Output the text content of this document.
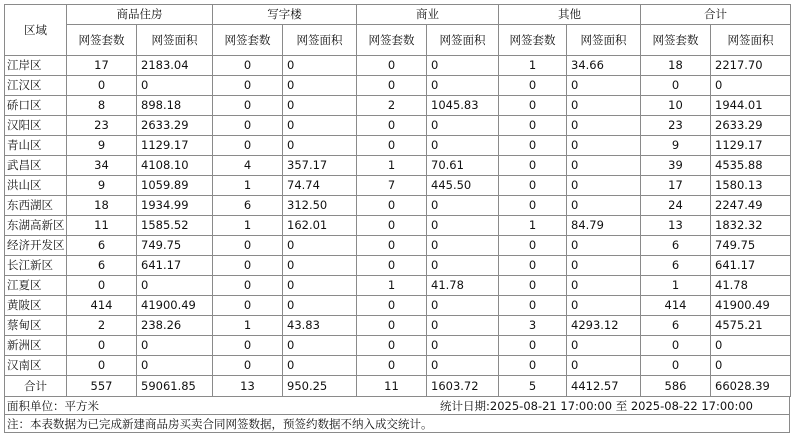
区域	商品住房		写字楼		商业		其他		合计	
	网签套数	网签面积	网签套数	网签面积	网签套数	网签面积	网签套数	网签面积	网签套数	网签面积
江岸区	17	2183.04	0	0	0	0	1	34.66	18	2217.70
江汉区	0	0	0	0	0	0	0	0	0	0
硚口区	8	898.18	0	0	2	1045.83	0	0	10	1944.01
汉阳区	23	2633.29	0	0	0	0	0	0	23	2633.29
青山区	9	1129.17	0	0	0	0	0	0	9	1129.17
武昌区	34	4108.10	4	357.17	1	70.61	0	0	39	4535.88
洪山区	9	1059.89	1	74.74	7	445.50	0	0	17	1580.13
东西湖区	18	1934.99	6	312.50	0	0	0	0	24	2247.49
东湖高新区	11	1585.52	1	162.01	0	0	1	84.79	13	1832.32
经济开发区	6	749.75	0	0	0	0	0	0	6	749.75
长江新区	6	641.17	0	0	0	0	0	0	6	641.17
江夏区	0	0	0	0	1	41.78	0	0	1	41.78
黄陂区	414	41900.49	0	0	0	0	0	0	414	41900.49
蔡甸区	2	238.26	1	43.83	0	0	3	4293.12	6	4575.21
新洲区	0	0	0	0	0	0	0	0	0	0
汉南区	0	0	0	0	0	0	0	0	0	0
合计	557	59061.85	13	950.25	11	1603.72	5	4412.57	586	66028.39
面积单位：平方米	统计日期:2025-08-21 17:00:00 至 2025-08-22 17:00:00
注：本表数据为已完成新建商品房买卖合同网签数据，预签约数据不纳入成交统计。
